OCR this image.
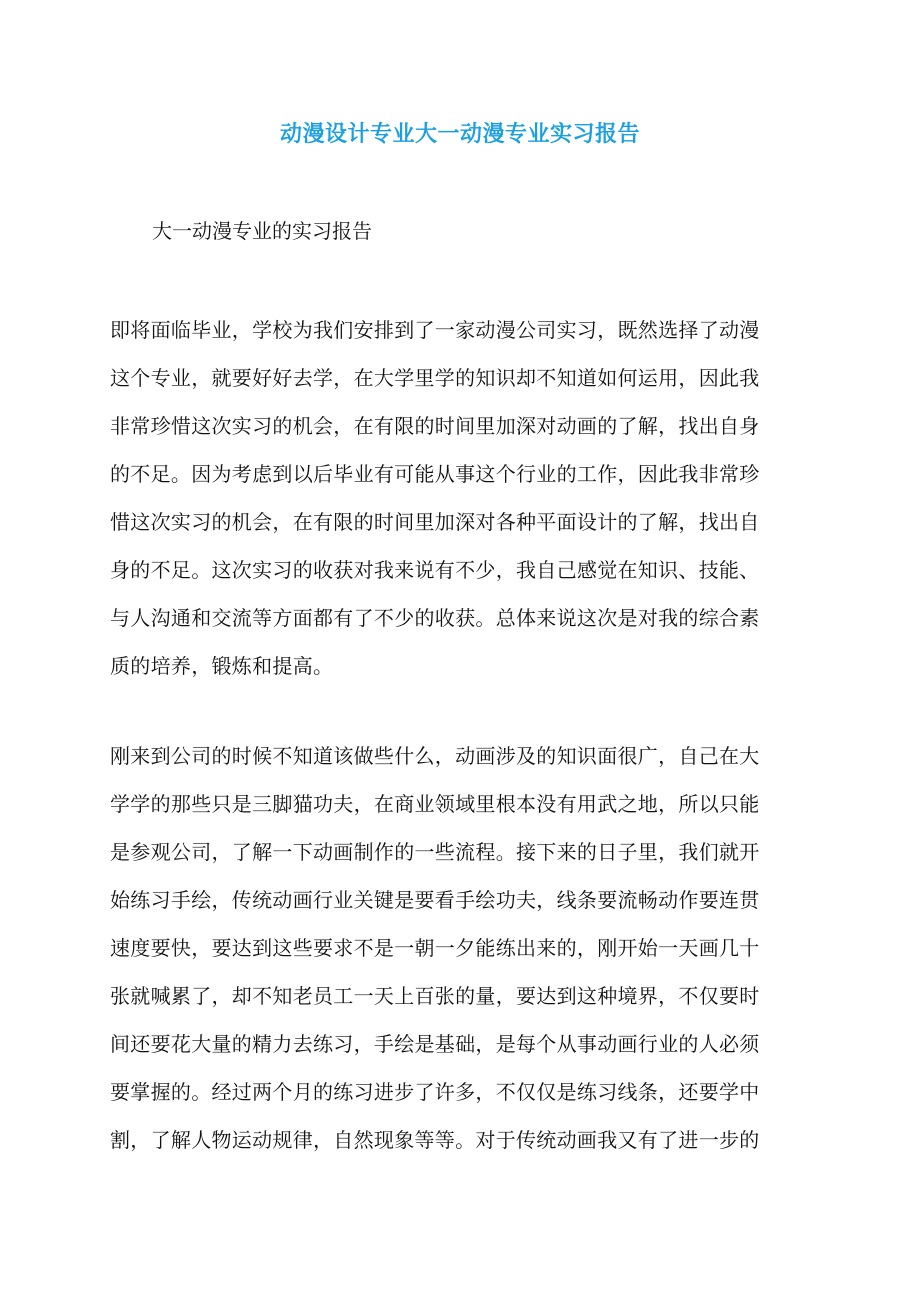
动漫设计专业大一动漫专业实习报告

大一动漫专业的实习报告

即将面临毕业，学校为我们安排到了一家动漫公司实习，既然选择了动漫
这个专业，就要好好去学，在大学里学的知识却不知道如何运用，因此我
非常珍惜这次实习的机会，在有限的时间里加深对动画的了解，找出自身
的不足。因为考虑到以后毕业有可能从事这个行业的工作，因此我非常珍
惜这次实习的机会，在有限的时间里加深对各种平面设计的了解，找出自
身的不足。这次实习的收获对我来说有不少，我自己感觉在知识、技能、
与人沟通和交流等方面都有了不少的收获。总体来说这次是对我的综合素
质的培养，锻炼和提高。
刚来到公司的时候不知道该做些什么，动画涉及的知识面很广，自己在大
学学的那些只是三脚猫功夫，在商业领域里根本没有用武之地，所以只能
是参观公司，了解一下动画制作的一些流程。接下来的日子里，我们就开
始练习手绘，传统动画行业关键是要看手绘功夫，线条要流畅动作要连贯
速度要快，要达到这些要求不是一朝一夕能练出来的，刚开始一天画几十
张就喊累了，却不知老员工一天上百张的量，要达到这种境界，不仅要时
间还要花大量的精力去练习，手绘是基础，是每个从事动画行业的人必须
要掌握的。经过两个月的练习进步了许多，不仅仅是练习线条，还要学中
割，了解人物运动规律，自然现象等等。对于传统动画我又有了进一步的
